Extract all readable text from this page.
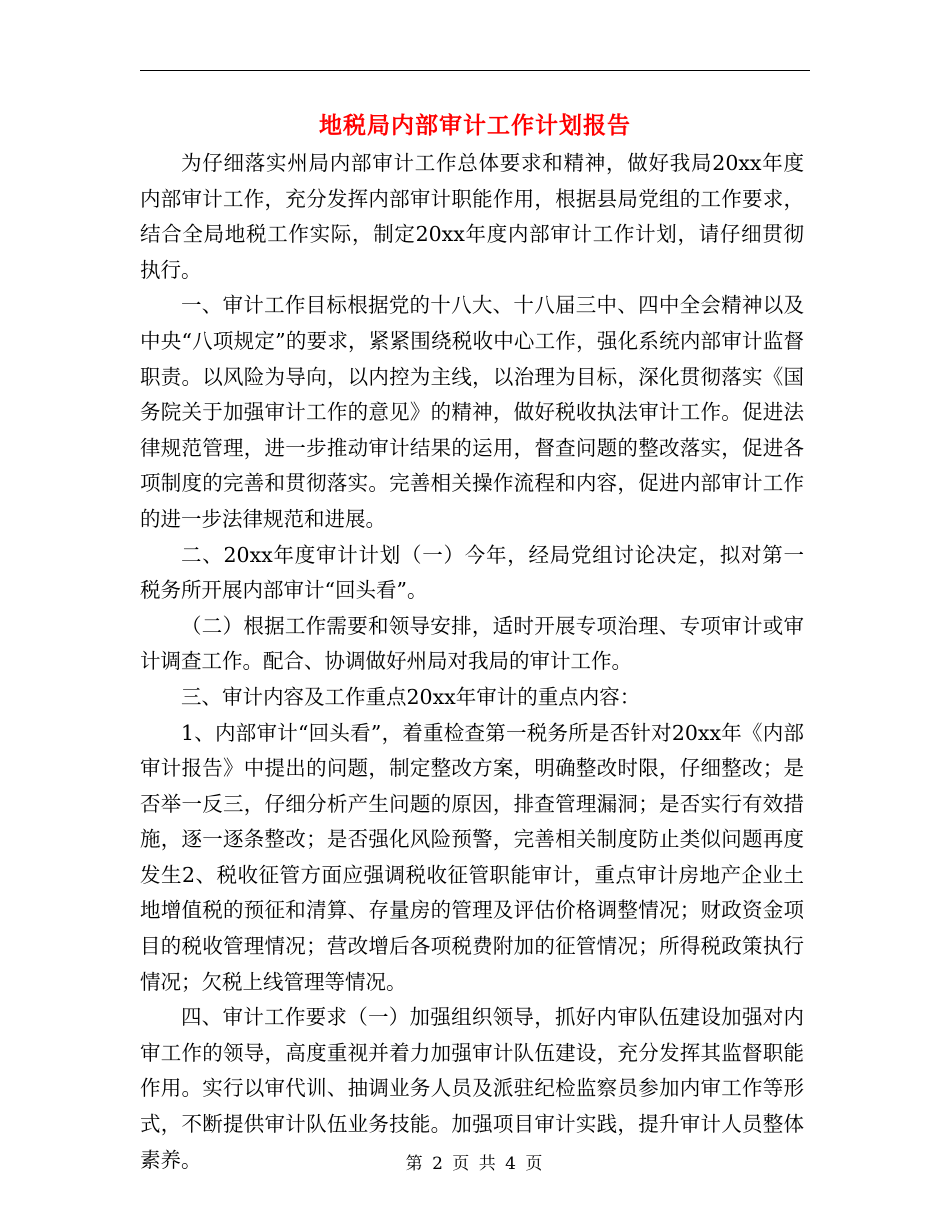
地税局内部审计工作计划报告

为仔细落实州局内部审计工作总体要求和精神，做好我局20xx年度内部审计工作，充分发挥内部审计职能作用，根据县局党组的工作要求，结合全局地税工作实际，制定20xx年度内部审计工作计划，请仔细贯彻执行。

一、审计工作目标根据党的十八大、十八届三中、四中全会精神以及中央“八项规定”的要求，紧紧围绕税收中心工作，强化系统内部审计监督职责。以风险为导向，以内控为主线，以治理为目标，深化贯彻落实《国务院关于加强审计工作的意见》的精神，做好税收执法审计工作。促进法律规范管理，进一步推动审计结果的运用，督查问题的整改落实，促进各项制度的完善和贯彻落实。完善相关操作流程和内容，促进内部审计工作的进一步法律规范和进展。

二、20xx年度审计计划（一）今年，经局党组讨论决定，拟对第一税务所开展内部审计“回头看”。

（二）根据工作需要和领导安排，适时开展专项治理、专项审计或审计调查工作。配合、协调做好州局对我局的审计工作。

三、审计内容及工作重点20xx年审计的重点内容：

1、内部审计“回头看”，着重检查第一税务所是否针对20xx年《内部审计报告》中提出的问题，制定整改方案，明确整改时限，仔细整改；是否举一反三，仔细分析产生问题的原因，排查管理漏洞；是否实行有效措施，逐一逐条整改；是否强化风险预警，完善相关制度防止类似问题再度发生2、税收征管方面应强调税收征管职能审计，重点审计房地产企业土地增值税的预征和清算、存量房的管理及评估价格调整情况；财政资金项目的税收管理情况；营改增后各项税费附加的征管情况；所得税政策执行情况；欠税上线管理等情况。

四、审计工作要求（一）加强组织领导，抓好内审队伍建设加强对内审工作的领导，高度重视并着力加强审计队伍建设，充分发挥其监督职能作用。实行以审代训、抽调业务人员及派驻纪检监察员参加内审工作等形式，不断提供审计队伍业务技能。加强项目审计实践，提升审计人员整体素养。	第 2 页 共 4 页
